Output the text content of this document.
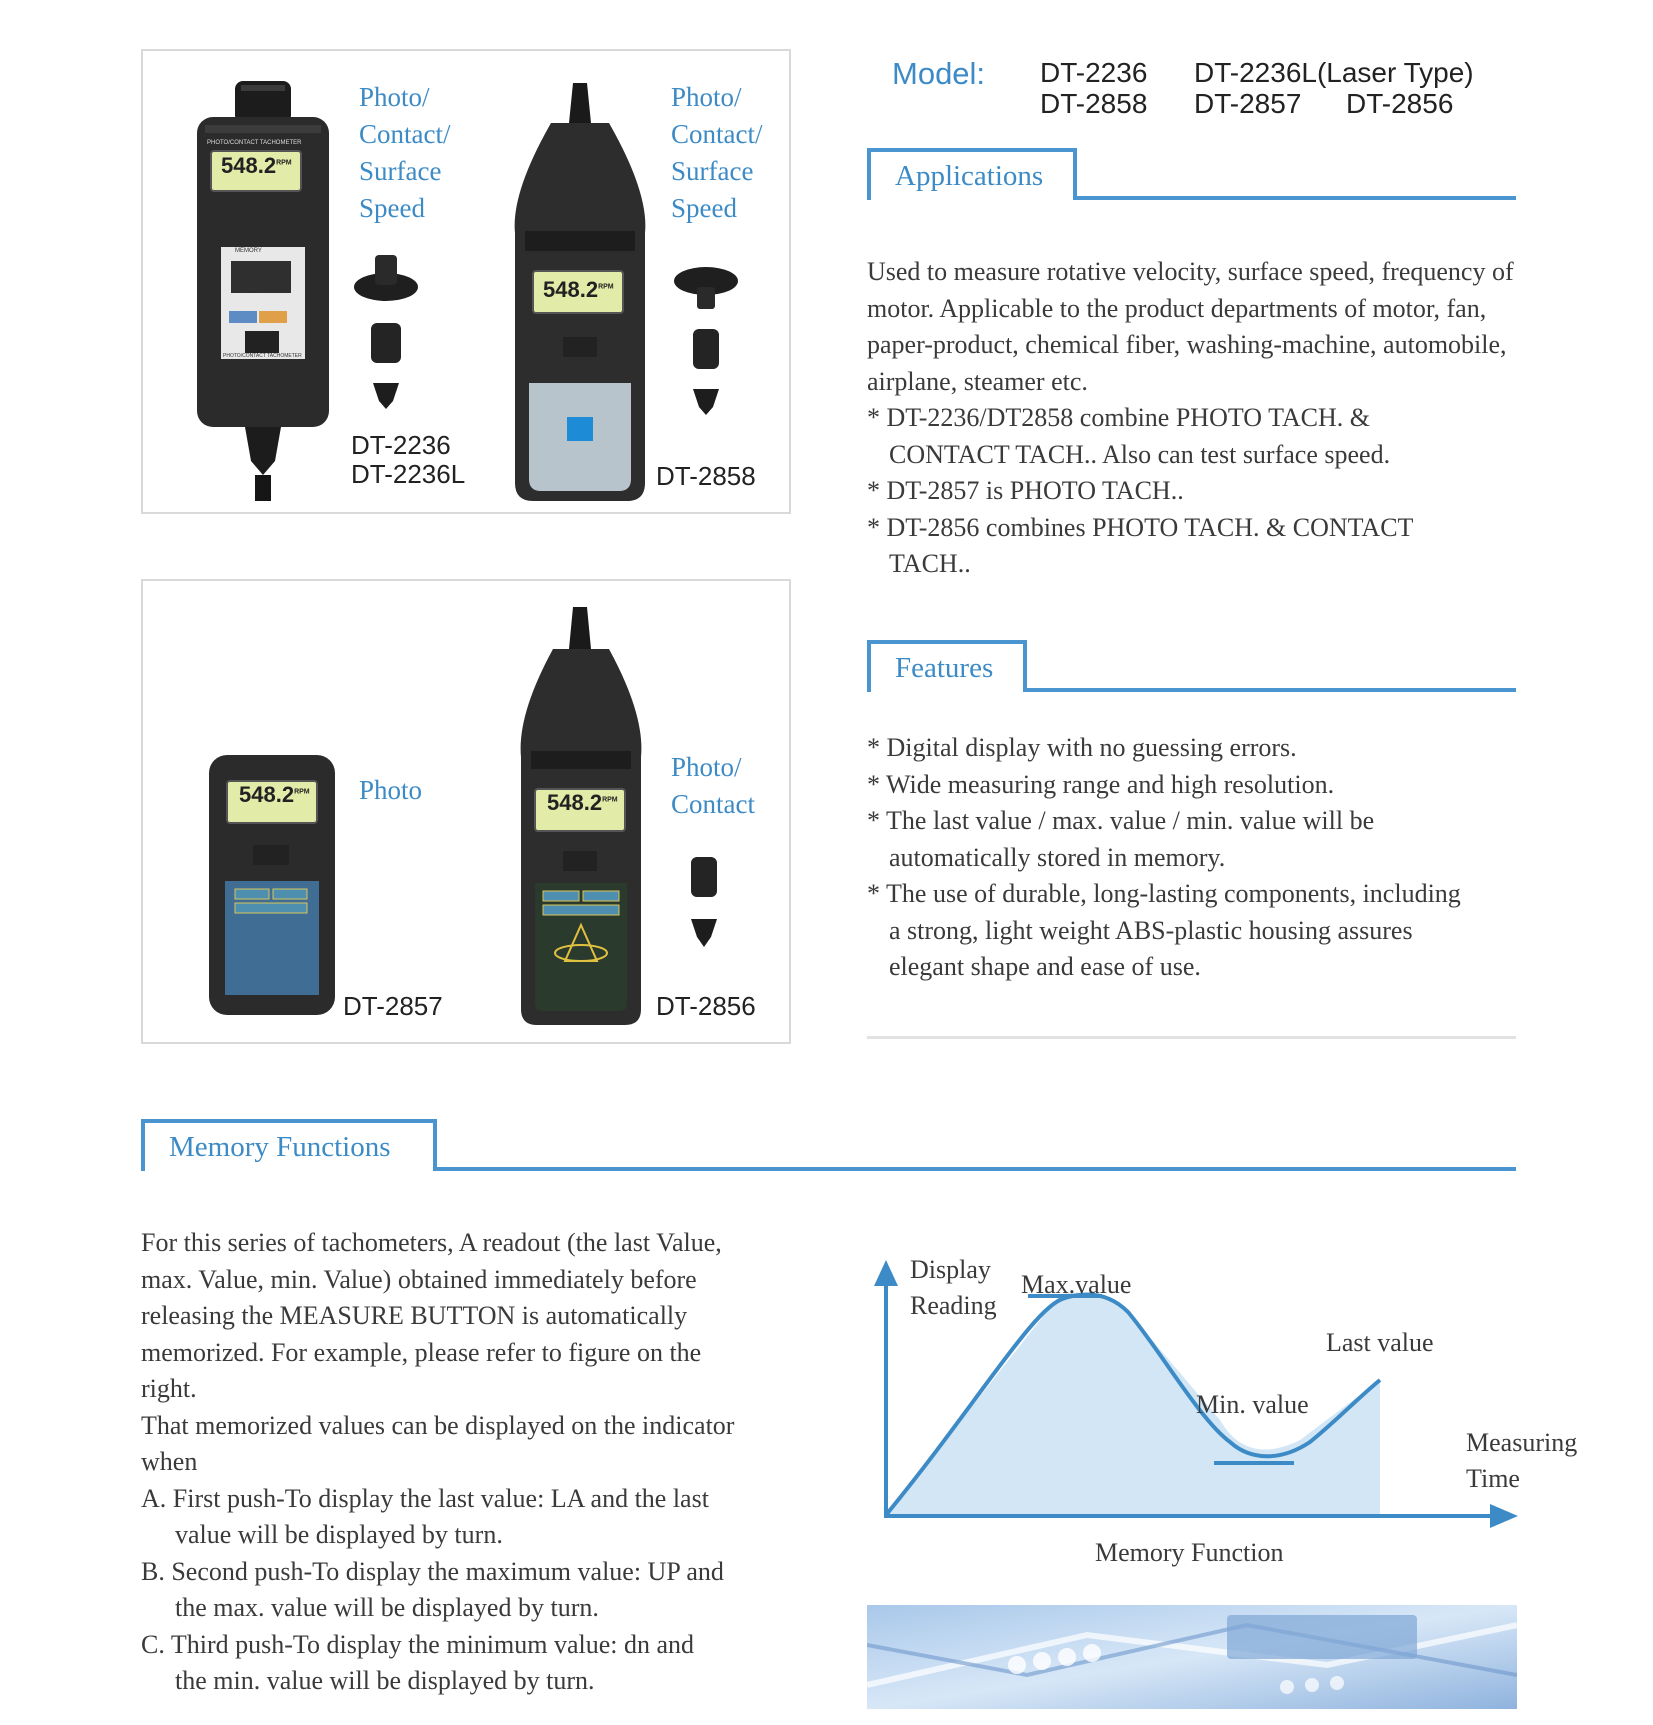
$548.2^{RPM}$
PHOTO/CONTACT TACHOMETER
MEMORY
DT-2236
PHOTO/CONTACT TACHOMETER
Photo/
Contact/
Surface
Speed
DT-2236
DT-2236L
$548.2^{RPM}$
Photo/
Contact/
Surface
Speed
DT-2858
$548.2^{RPM}$ Photo
DT-2857
$548.2^{RPM}$
Photo/
Contact
DT-2856
Model: DT-2236 DT-2236L(Laser Type)
DT-2858 DT-2857 DT-2856
Applications

Used to measure rotative velocity, surface speed, frequency of motor. Applicable to the product departments of motor, fan, paper-product, chemical fiber, washing-machine, automobile, airplane, steamer etc.

* DT-2236/DT2858 combine PHOTO TACH. &

CONTACT TACH.. Also can test surface speed.

* DT-2857 is PHOTO TACH..

* DT-2856 combines PHOTO TACH. & CONTACT

TACH..

Features

* Digital display with no guessing errors.

* Wide measuring range and high resolution.

* The last value / max. value / min. value will be

automatically stored in memory.

* The use of durable, long-lasting components, including

a strong, light weight ABS-plastic housing assures

elegant shape and ease of use.

Memory Functions

For this series of tachometers, A readout (the last Value,

max. Value, min. Value) obtained immediately before

releasing the MEASURE BUTTON is automatically

memorized. For example, please refer to figure on the

right.

That memorized values can be displayed on the indicator

when

A. First push-To display the last value: LA and the last

value will be displayed by turn.

B. Second push-To display the maximum value: UP and

the max. value will be displayed by turn.

C. Third push-To display the minimum value: dn and

the min. value will be displayed by turn.

Display
Reading
Max.value
Last value
Min. value
Measuring
Time
Memory Function
